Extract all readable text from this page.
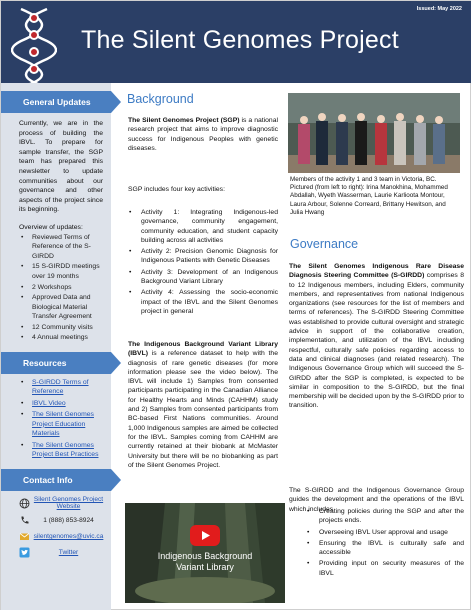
Issued: May 2022
The Silent Genomes Project
General Updates
Currently, we are in the process of building the IBVL. To prepare for sample transfer, the SGP team has prepared this newsletter to update communities about our governance and other aspects of the project since its beginning.
Overview of updates:
• Reviewed Terms of Reference of the S-GIRDD
• 15 S-GIRDD meetings over 19 months
• 2 Workshops
• Approved Data and Biological Material Transfer Agreement
• 12 Community visits
• 4 Annual meetings
Resources
• S-GIRDD Terms of Reference
• IBVL Video
• The Silent Genomes Project Education Materials
• The Silent Genomes Project Best Practices
Contact Info
Silent Genomes Project Website
1 (888) 853-8924
silentgenomes@uvic.ca
Twitter
Background
The Silent Genomes Project (SGP) is a national research project that aims to improve diagnostic success for Indigenous Peoples with genetic diseases.
SGP includes four key activities:
• Activity 1: Integrating Indigenous-led governance, community engagement, community education, and student capacity building across all activities
• Activity 2: Precision Genomic Diagnosis for Indigenous Patients with Genetic Diseases
• Activity 3: Development of an Indigenous Background Variant Library
• Activity 4: Assessing the socio-economic impact of the IBVL and the Silent Genomes project in general
The Indigenous Background Variant Library (IBVL) is a reference dataset to help with the diagnosis of rare genetic diseases (for more information please see the video below). The IBVL will include 1) Samples from consented participants participating in the Canadian Alliance for Healthy Hearts and Minds (CAHHM) study and 2) Samples from consented participants from BC-based First Nations communities. Around 1,000 Indigenous samples are aimed be collected for the IBVL. Samples coming from CAHHM are currently retained at their biobank at McMaster University but there will be no biobanking as part of the Silent Genomes Project.
Members of the activity 1 and 3 team in Victoria, BC. Pictured (from left to right): Irina Manokhina, Mohammed Abdallah, Wyeth Wasserman, Laurie Karlioota Montour, Laura Arbour, Solenne Correard, Brittany Hewitson, and Julia Hwang
Governance
The Silent Genomes Indigenous Rare Disease Diagnosis Steering Committee (S-GIRDD) comprises 8 to 12 Indigenous members, including Elders, community members, and representatives from national Indigenous organizations (see resources for the list of members and terms of references). The S-GIRDD Steering Committee was established to provide cultural oversight and strategic advice in support of the collaborative creation, implementation, and utilization of the IBVL including respectful, culturally safe policies regarding access to data and clinical diagnoses (and related research). The Indigenous Governance Group which will succeed the S-GIRDD after the SGP is completed, is expected to be similar in composition to the S-GIRDD, but the final membership will be decided upon by the S-GIRDD prior to transition.
The S-GIRDD and the Indigenous Governance Group guides the development and the operations of the IBVL which includes
• Creating policies during the SGP and after the projects ends.
• Overseeing IBVL User approval and usage
• Ensuring the IBVL is culturally safe and accessible
• Providing input on security measures of the IBVL
Indigenous Background Variant Library
